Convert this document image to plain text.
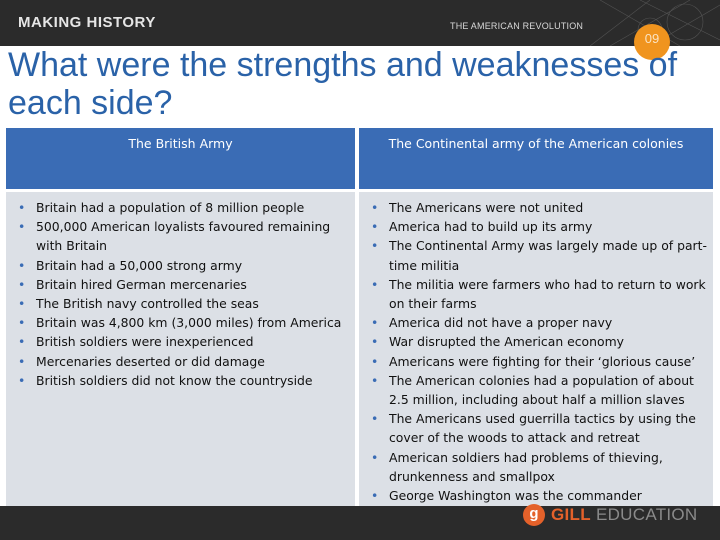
MAKING HISTORY	THE AMERICAN REVOLUTION
09
What were the strengths and weaknesses of each side?
The British Army
• Britain had a population of 8 million people
• 500,000 American loyalists favoured remaining with Britain
• Britain had a 50,000 strong army
• Britain hired German mercenaries
• The British navy controlled the seas
• Britain was 4,800 km (3,000 miles) from America
• British soldiers were inexperienced
• Mercenaries deserted or did damage
• British soldiers did not know the countryside
The Continental army of the American colonies
• The Americans were not united
• America had to build up its army
• The Continental Army was largely made up of part-time militia
• The militia were farmers who had to return to work on their farms
• America did not have a proper navy
• War disrupted the American economy
• Americans were fighting for their ‘glorious cause’
• The American colonies had a population of about 2.5 million, including about half a million slaves
• The Americans used guerrilla tactics by using the cover of the woods to attack and retreat
• American soldiers had problems of thieving, drunkenness and smallpox
• George Washington was the commander
g GILL EDUCATION
